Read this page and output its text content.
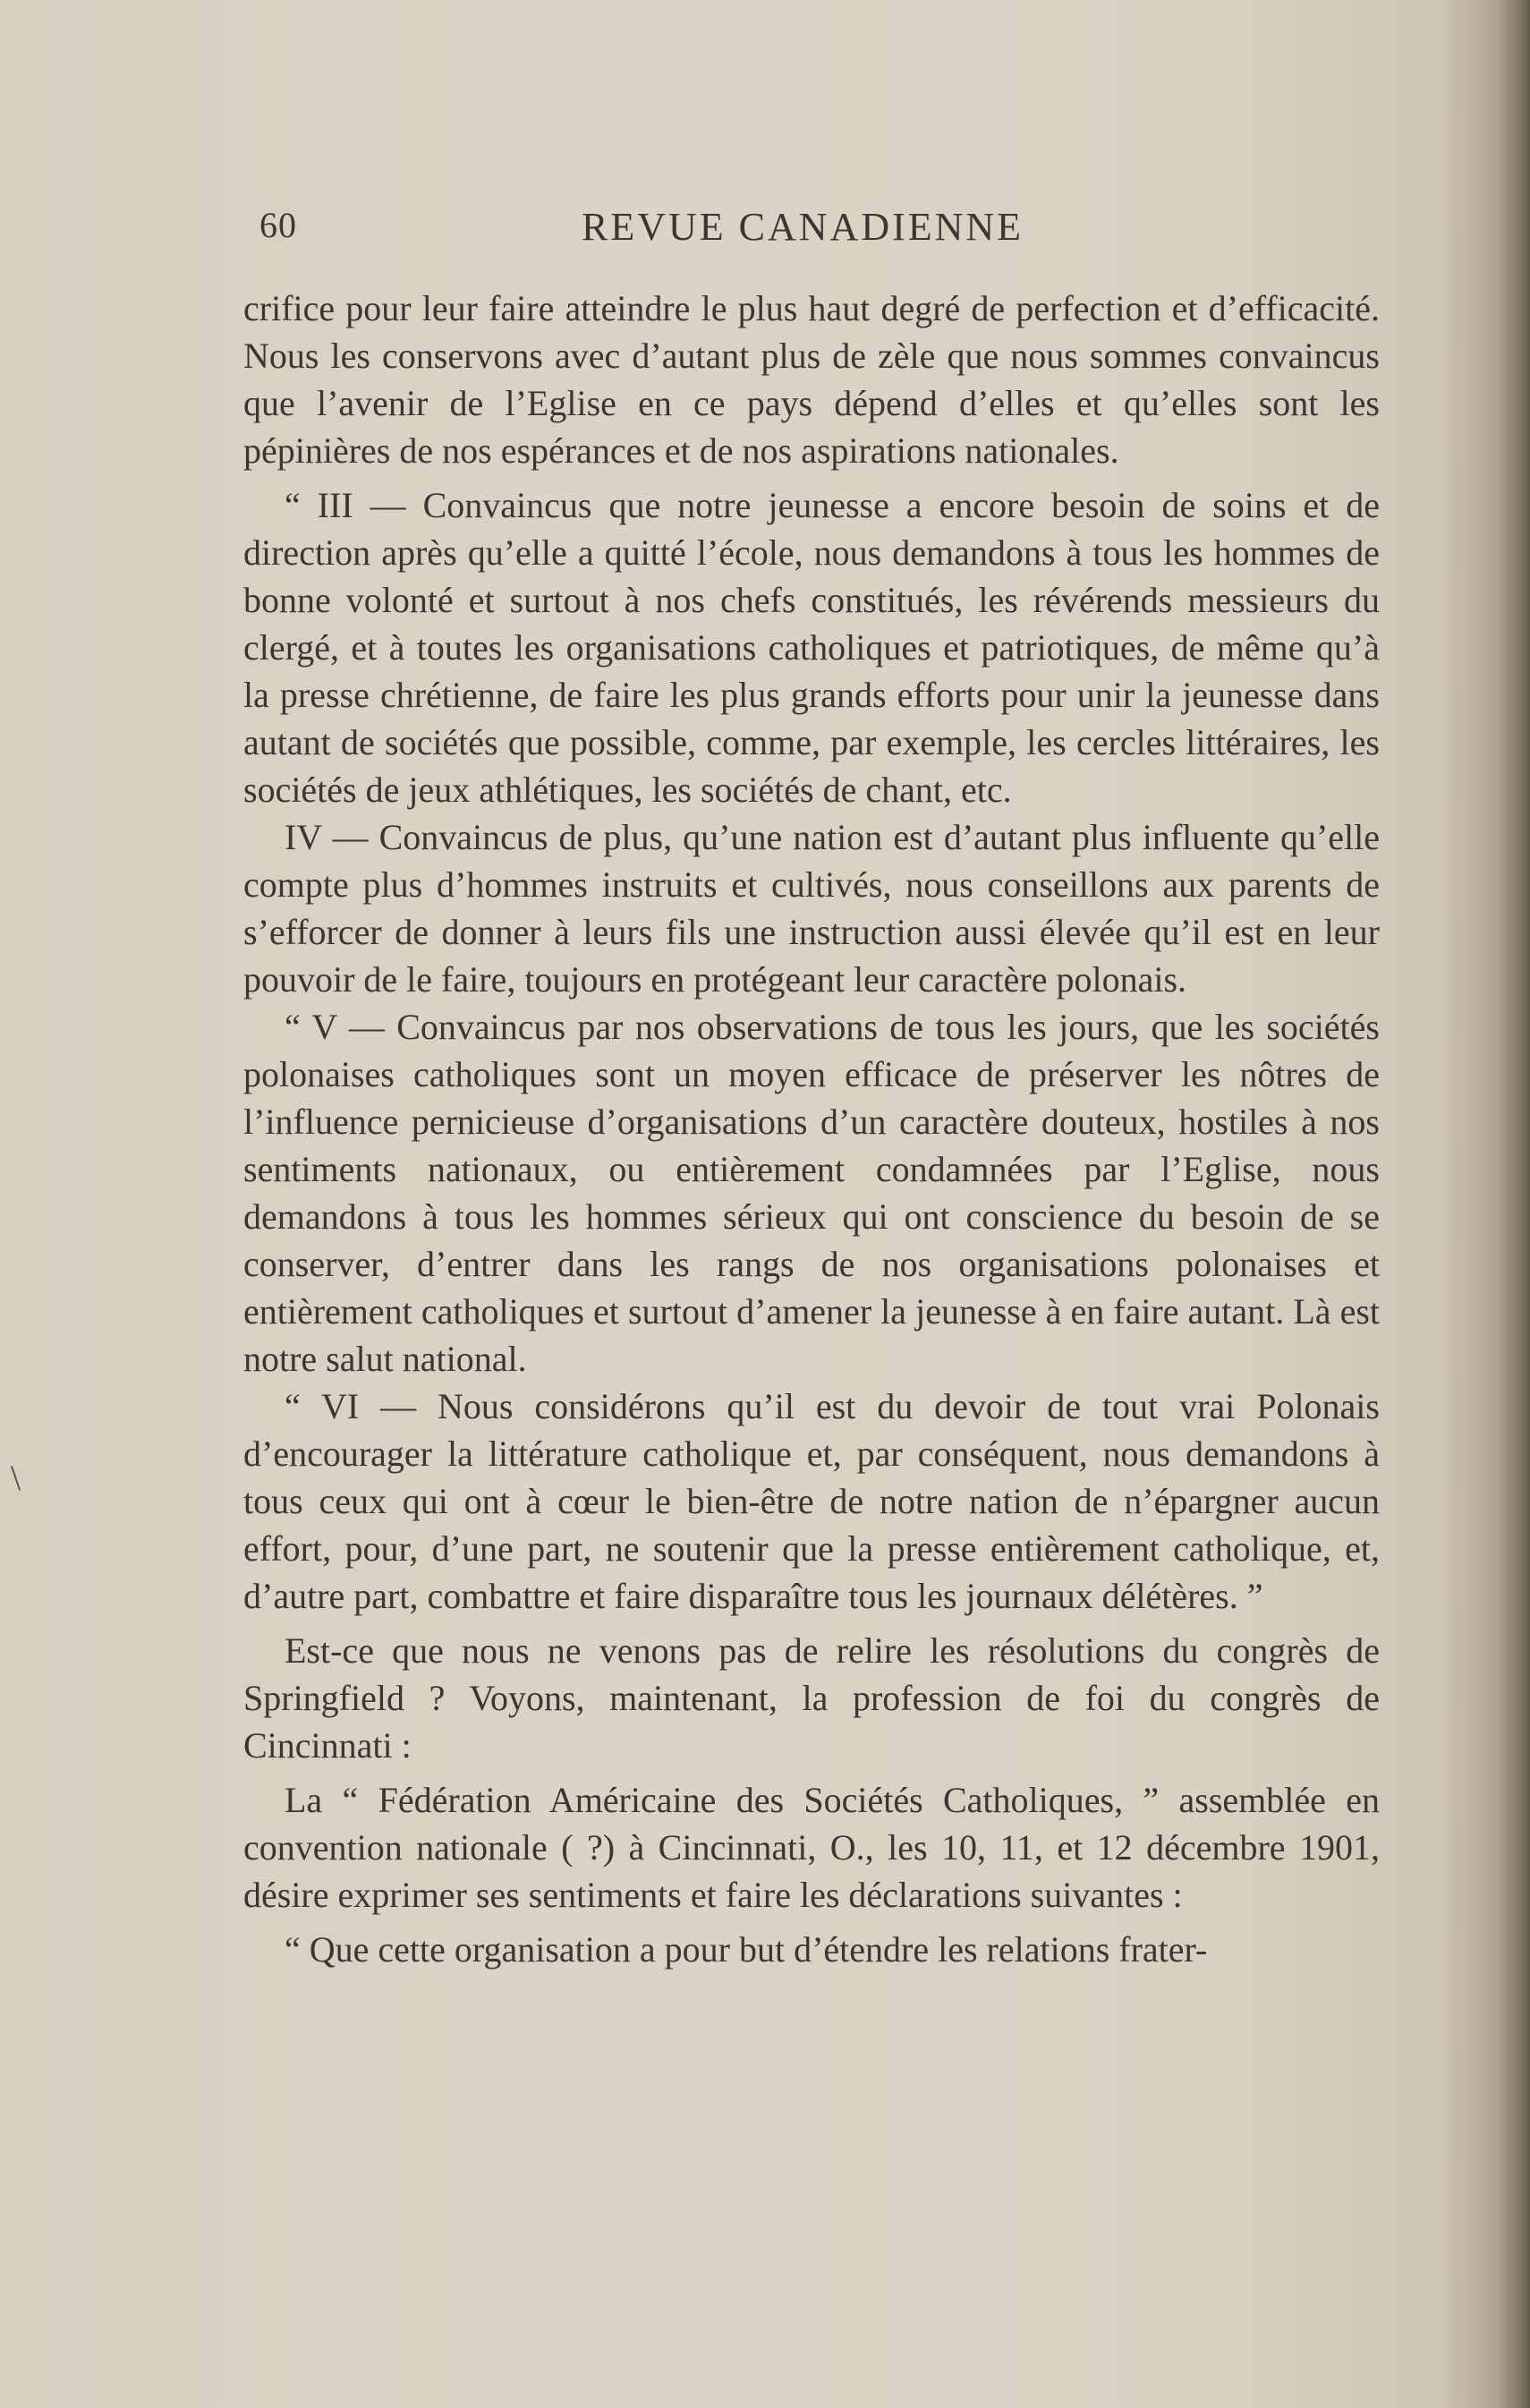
60	REVUE CANADIENNE
\

crifice pour leur faire atteindre le plus haut degré de perfection et d’efficacité. Nous les conservons avec d’autant plus de zèle que nous sommes convaincus que l’avenir de l’Eglise en ce pays dépend d’elles et qu’elles sont les pépinières de nos espérances et de nos aspirations nationales.

“ III — Convaincus que notre jeunesse a encore besoin de soins et de direction après qu’elle a quitté l’école, nous demandons à tous les hommes de bonne volonté et surtout à nos chefs constitués, les révérends messieurs du clergé, et à toutes les organisations catholiques et patriotiques, de même qu’à la presse chrétienne, de faire les plus grands efforts pour unir la jeunesse dans autant de sociétés que possible, comme, par exemple, les cercles littéraires, les sociétés de jeux athlétiques, les sociétés de chant, etc.

IV — Convaincus de plus, qu’une nation est d’autant plus influente qu’elle compte plus d’hommes instruits et cultivés, nous conseillons aux parents de s’efforcer de donner à leurs fils une instruction aussi élevée qu’il est en leur pouvoir de le faire, toujours en protégeant leur caractère polonais.

“ V — Convaincus par nos observations de tous les jours, que les sociétés polonaises catholiques sont un moyen efficace de préserver les nôtres de l’influence pernicieuse d’organisations d’un caractère douteux, hostiles à nos sentiments nationaux, ou entièrement condamnées par l’Eglise, nous demandons à tous les hommes sérieux qui ont conscience du besoin de se conserver, d’entrer dans les rangs de nos organisations polonaises et entièrement catholiques et surtout d’amener la jeunesse à en faire autant. Là est notre salut national.

“ VI — Nous considérons qu’il est du devoir de tout vrai Polonais d’encourager la littérature catholique et, par conséquent, nous demandons à tous ceux qui ont à cœur le bien-être de notre nation de n’épargner aucun effort, pour, d’une part, ne soutenir que la presse entièrement catholique, et, d’autre part, combattre et faire disparaître tous les journaux délétères. ”

Est-ce que nous ne venons pas de relire les résolutions du congrès de Springfield ? Voyons, maintenant, la profession de foi du congrès de Cincinnati :

La “ Fédération Américaine des Sociétés Catholiques, ” assemblée en convention nationale ( ?) à Cincinnati, O., les 10, 11, et 12 décembre 1901, désire exprimer ses sentiments et faire les déclarations suivantes :

“ Que cette organisation a pour but d’étendre les relations frater-
